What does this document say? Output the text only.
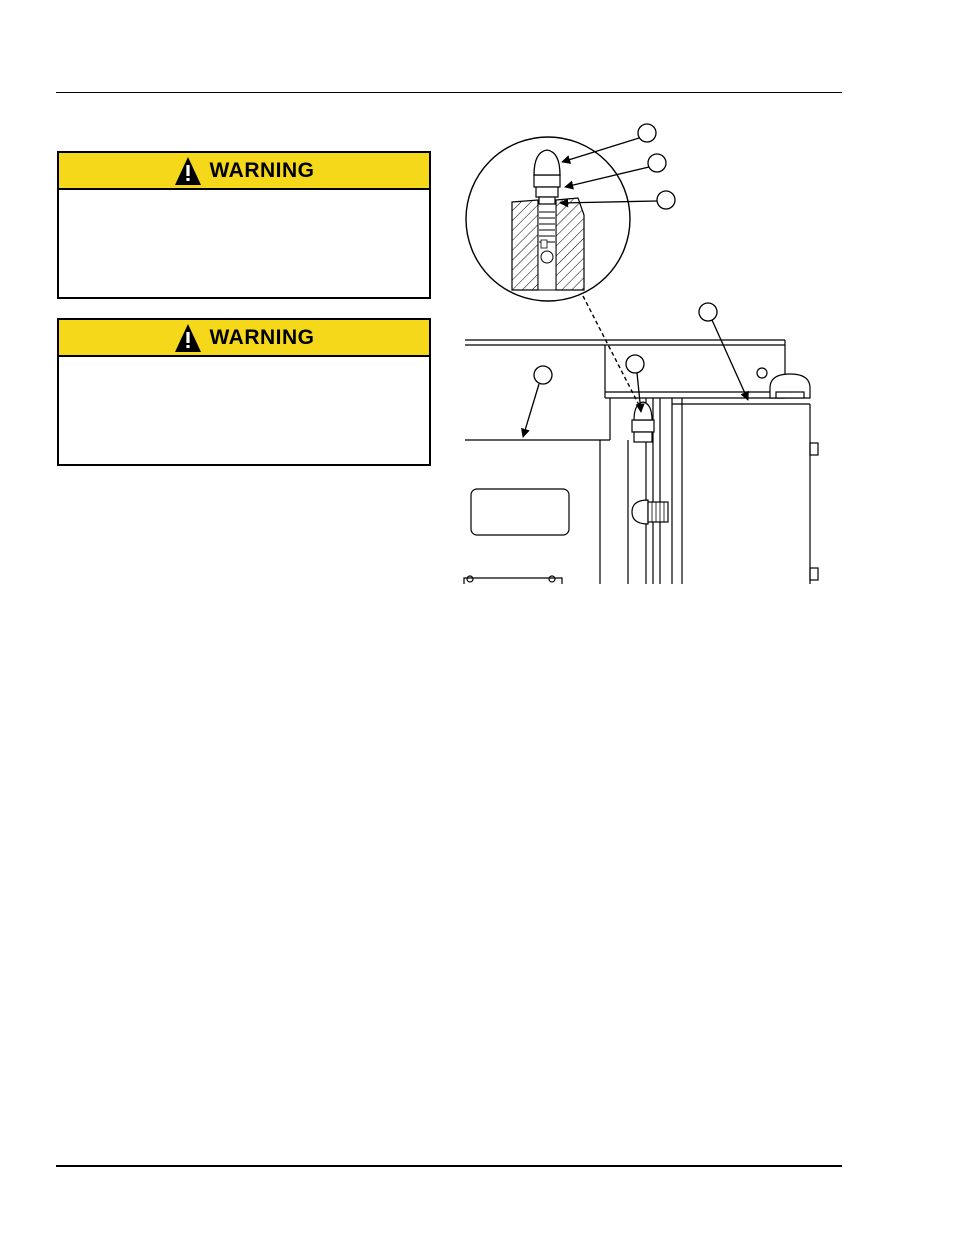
WARNING
WARNING
